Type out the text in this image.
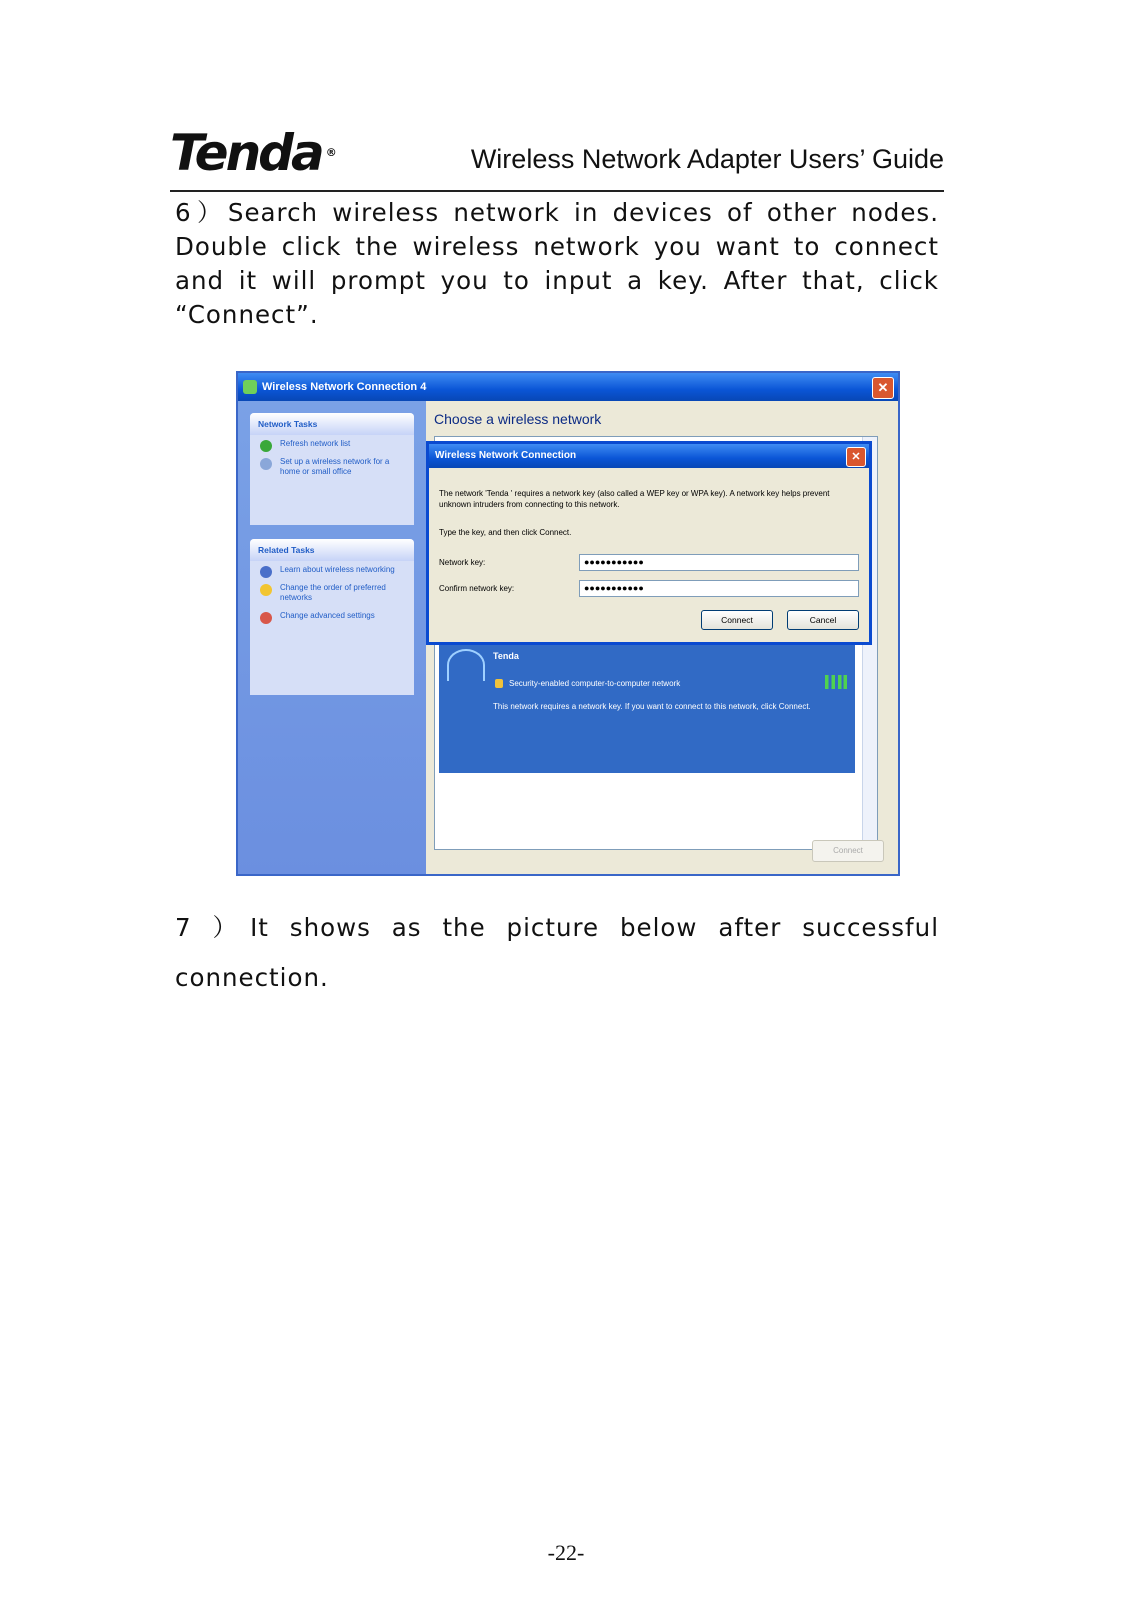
Tenda ®	Wireless Network Adapter Users’ Guide
6）Search wireless network in devices of other nodes.
Double click the wireless network you want to connect
and it will prompt you to input a key. After that, click
“Connect”.
Wireless Network Connection 4	✕
Network Tasks
Refresh network list
Set up a wireless network for a home or small office
Related Tasks
Learn about wireless networking
Change the order of preferred networks
Change advanced settings
Choose a wireless network
Tenda
Security-enabled computer-to-computer network
This network requires a network key. If you want to connect to this network, click Connect.
Connect
Wireless Network Connection	✕
The network 'Tenda ' requires a network key (also called a WEP key or WPA key). A network key helps prevent unknown intruders from connecting to this network.
Type the key, and then click Connect.
Network key:	●●●●●●●●●●●
Confirm network key:	●●●●●●●●●●●
Connect	Cancel
7 ）It shows as the picture below after successful
connection.
-22-
